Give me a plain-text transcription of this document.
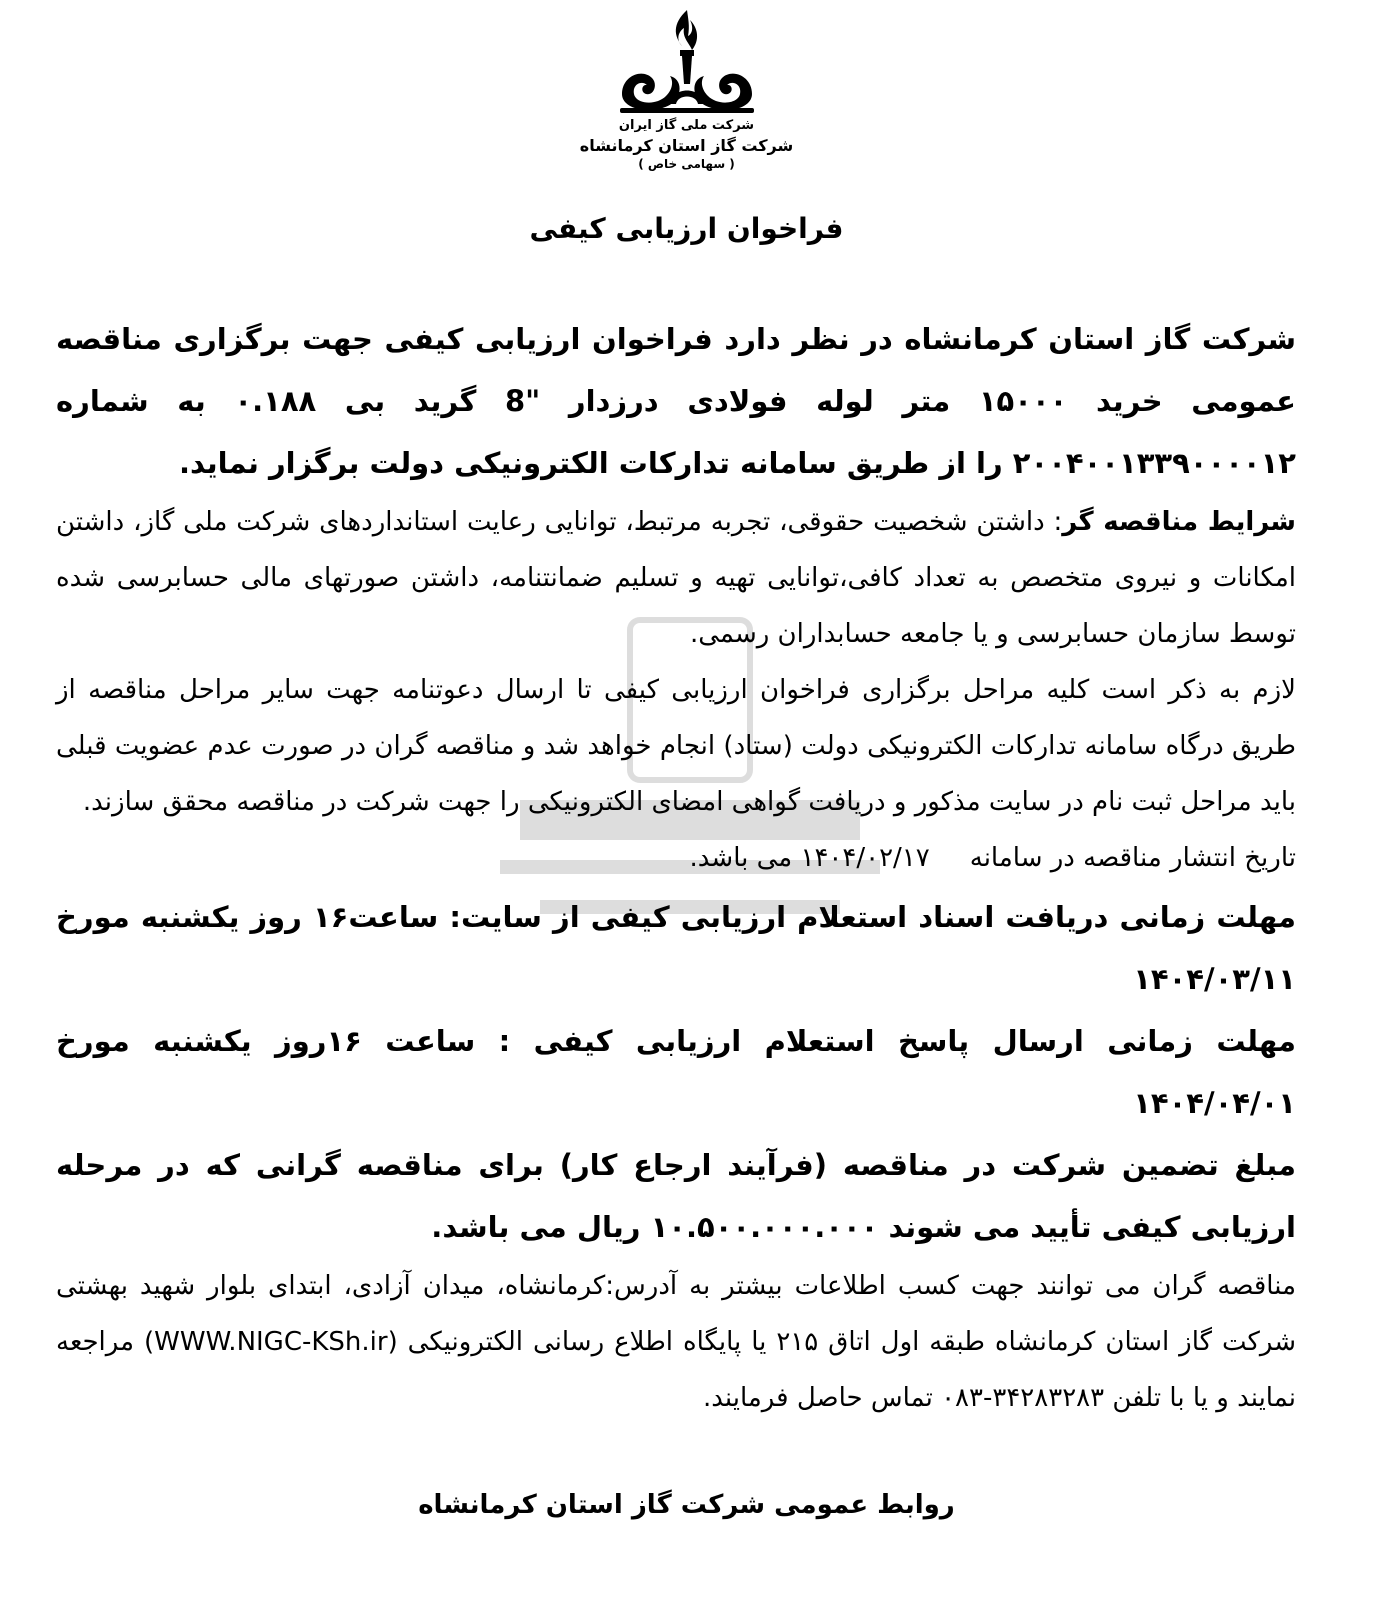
شرکت ملی گاز ایران
شرکت گاز استان کرمانشاه
( سهامی خاص )
فراخوان ارزیابی کیفی

شرکت گاز استان کرمانشاه در نظر دارد فراخوان ارزیابی کیفی جهت برگزاری مناقصه عمومی خرید ۱۵۰۰۰ متر لوله فولادی درزدار "8 گرید بی ۰.۱۸۸ به شماره ۲۰۰۴۰۰۱۳۳۹۰۰۰۰۱۲ را از طریق سامانه تدارکات الکترونیکی دولت برگزار نماید.

شرایط مناقصه گر: داشتن شخصیت حقوقی، تجربه مرتبط، توانایی رعایت استانداردهای شرکت ملی گاز، داشتن امکانات و نیروی متخصص به تعداد کافی،توانایی تهیه و تسلیم ضمانتنامه، داشتن صورتهای مالی حسابرسی شده توسط سازمان حسابرسی و یا جامعه حسابداران رسمی.

لازم به ذکر است کلیه مراحل برگزاری فراخوان ارزیابی کیفی تا ارسال دعوتنامه جهت سایر مراحل مناقصه از طریق درگاه سامانه تدارکات الکترونیکی دولت (ستاد) انجام خواهد شد و مناقصه گران در صورت عدم عضویت قبلی باید مراحل ثبت نام در سایت مذکور و دریافت گواهی امضای الکترونیکی را جهت شرکت در مناقصه محقق سازند.

تاریخ انتشار مناقصه در سامانه۱۴۰۴/۰۲/۱۷ می باشد.

مهلت زمانی دریافت اسناد استعلام ارزیابی کیفی از سایت: ساعت۱۶ روز یکشنبه مورخ ۱۴۰۴/۰۳/۱۱

مهلت زمانی ارسال پاسخ استعلام ارزیابی کیفی : ساعت ۱۶روز یکشنبه مورخ ۱۴۰۴/۰۴/۰۱

مبلغ تضمین شرکت در مناقصه (فرآیند ارجاع کار) برای مناقصه گرانی که در مرحله ارزیابی کیفی تأیید می شوند ۱۰.۵۰۰.۰۰۰.۰۰۰ ریال می باشد.

مناقصه گران می توانند جهت کسب اطلاعات بیشتر به آدرس:کرمانشاه، میدان آزادی، ابتدای بلوار شهید بهشتی شرکت گاز استان کرمانشاه طبقه اول اتاق ۲۱۵ یا پایگاه اطلاع رسانی الکترونیکی (WWW.NIGC-KSh.ir) مراجعه نمایند و یا با تلفن ۳۴۲۸۳۲۸۳-۰۸۳ تماس حاصل فرمایند.

روابط عمومی شرکت گاز استان کرمانشاه
